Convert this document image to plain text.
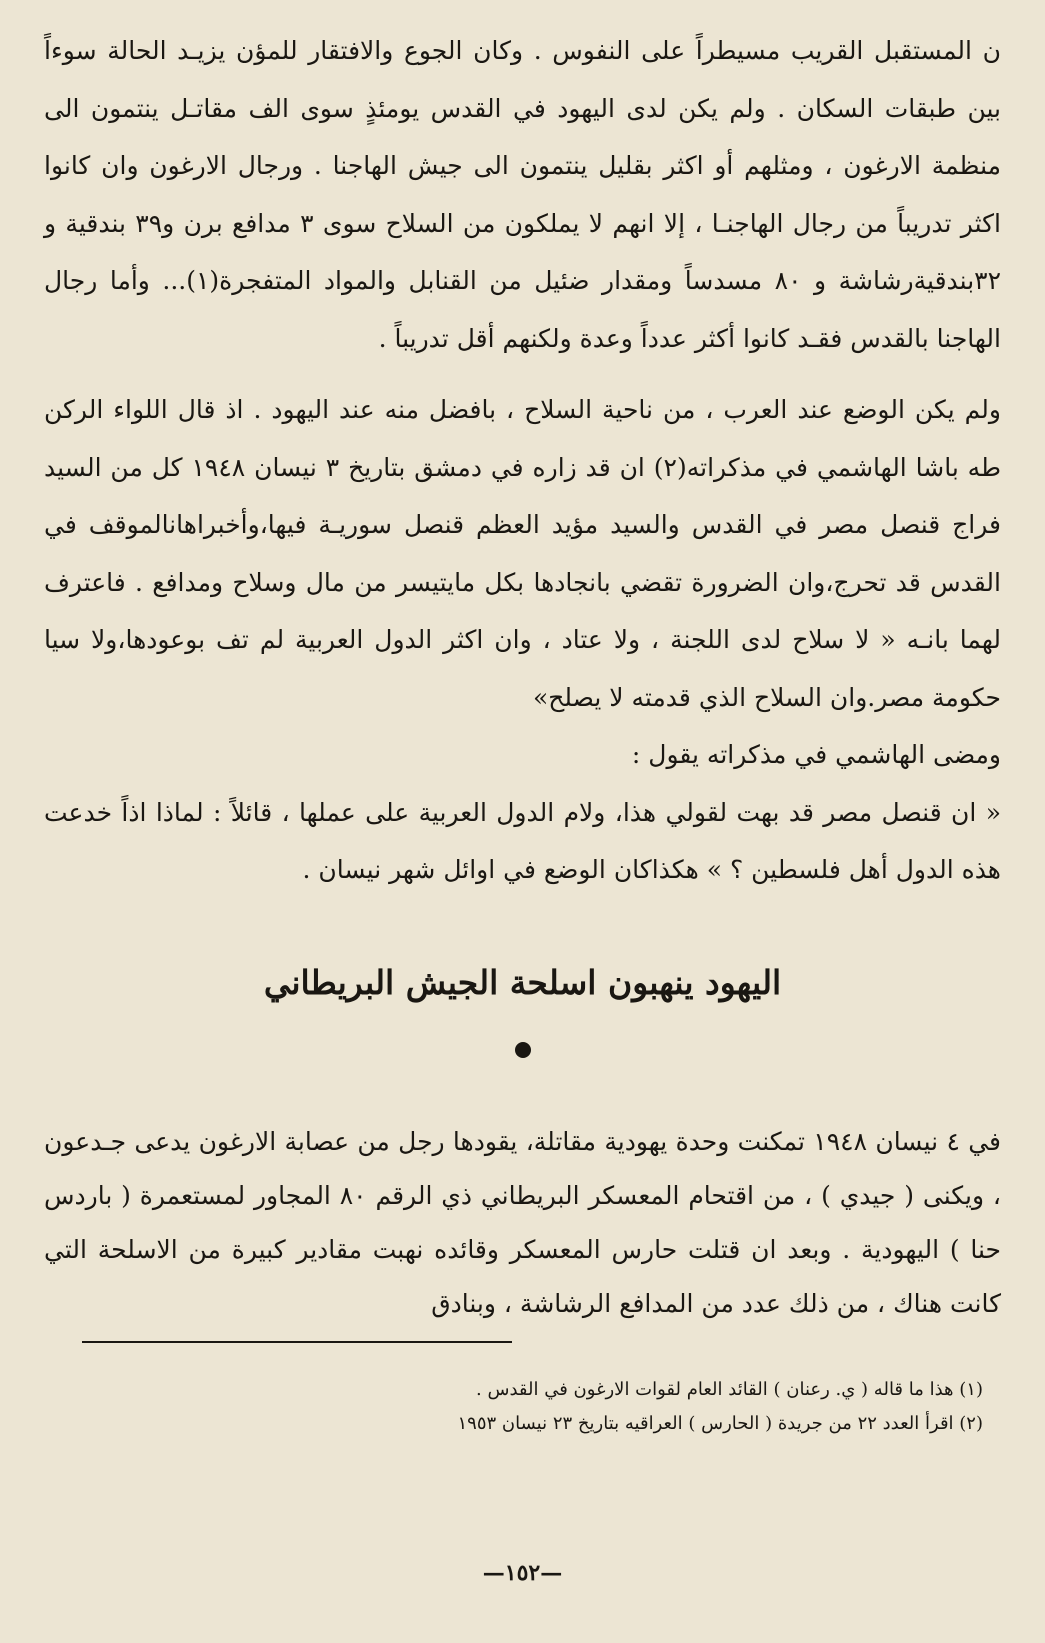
ن المستقبل القريب مسيطراً على النفوس . وكان الجوع والافتقار للمؤن يزيـد الحالة سوءاً بين طبقات السكان . ولم يكن لدى اليهود في القدس يومئذٍ سوى الف مقاتـل ينتمون الى منظمة الارغون ، ومثلهم أو اكثر بقليل ينتمون الى جيش الهاجنا . ورجال الارغون وان كانوا اكثر تدريباً من رجال الهاجنـا ، إلا انهم لا يملكون من السلاح سوى ٣ مدافع برن و٣٩ بندقية و ٣٢بندقيةرشاشة و ٨٠ مسدساً ومقدار ضئيل من القنابل والمواد المتفجرة(١)... وأما رجال الهاجنا بالقدس فقـد كانوا أكثر عدداً وعدة ولكنهم أقل تدريباً .

ولم يكن الوضع عند العرب ، من ناحية السلاح ، بافضل منه عند اليهود . اذ قال اللواء الركن طه باشا الهاشمي في مذكراته(٢) ان قد زاره في دمشق بتاريخ ٣ نيسان ١٩٤٨ كل من السيد فراج قنصل مصر في القدس والسيد مؤيد العظم قنصل سوريـة فيها،وأخبراهانالموقف في القدس قد تحرج،وان الضرورة تقضي بانجادها بكل مايتيسر من مال وسلاح ومدافع . فاعترف لهما بانـه « لا سلاح لدى اللجنة ، ولا عتاد ، وان اكثر الدول العربية لم تف بوعودها،ولا سيا حكومة مصر.وان السلاح الذي قدمته لا يصلح»

ومضى الهاشمي في مذكراته يقول :

« ان قنصل مصر قد بهت لقولي هذا، ولام الدول العربية على عملها ، قائلاً : لماذا اذاً خدعت هذه الدول أهل فلسطين ؟ » هكذاكان الوضع في اوائل شهر نيسان .

اليهود ينهبون اسلحة الجيش البريطاني

في ٤ نيسان ١٩٤٨ تمكنت وحدة يهودية مقاتلة، يقودها رجل من عصابة الارغون يدعى جـدعون ، ويكنى ( جيدي ) ، من اقتحام المعسكر البريطاني ذي الرقم ٨٠ المجاور لمستعمرة ( باردس حنا ) اليهودية . وبعد ان قتلت حارس المعسكر وقائده نهبت مقادير كبيرة من الاسلحة التي كانت هناك ، من ذلك عدد من المدافع الرشاشة ، وبنادق

(١) هذا ما قاله ( ي. رعنان ) القائد العام لقوات الارغون في القدس .

(٢) اقرأ العدد ٢٢ من جريدة ( الحارس ) العراقيه بتاريخ ٢٣ نيسان ١٩٥٣

—١٥٢—
